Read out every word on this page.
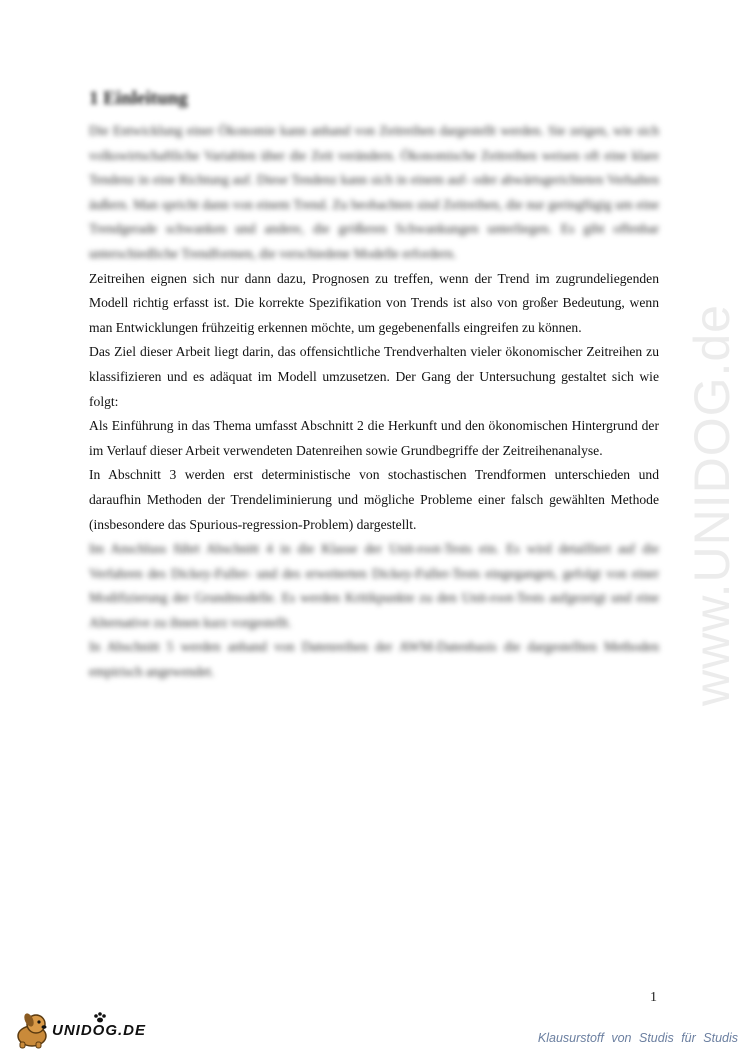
1 Einleitung

Die Entwicklung einer Ökonomie kann anhand von Zeitreihen dargestellt werden. Sie zeigen, wie sich volkswirtschaftliche Variablen über die Zeit verändern. Ökonomische Zeitreihen weisen oft eine klare Tendenz in eine Richtung auf. Diese Tendenz kann sich in einem auf- oder abwärtsgerichteten Verhalten äußern. Man spricht dann von einem Trend. Zu beobachten sind Zeitreihen, die nur geringfügig um eine Trendgerade schwanken und andere, die größeren Schwankungen unterliegen. Es gibt offenbar unterschiedliche Trendformen, die verschiedene Modelle erfordern.

Zeitreihen eignen sich nur dann dazu, Prognosen zu treffen, wenn der Trend im zugrundeliegenden Modell richtig erfasst ist. Die korrekte Spezifikation von Trends ist also von großer Bedeutung, wenn man Entwicklungen frühzeitig erkennen möchte, um gegebenenfalls eingreifen zu können.

Das Ziel dieser Arbeit liegt darin, das offensichtliche Trendverhalten vieler ökonomischer Zeitreihen zu klassifizieren und es adäquat im Modell umzusetzen. Der Gang der Untersuchung gestaltet sich wie folgt:

Als Einführung in das Thema umfasst Abschnitt 2 die Herkunft und den ökonomischen Hintergrund der im Verlauf dieser Arbeit verwendeten Datenreihen sowie Grundbegriffe der Zeitreihenanalyse.

In Abschnitt 3 werden erst deterministische von stochastischen Trendformen unterschieden und daraufhin Methoden der Trendeliminierung und mögliche Probleme einer falsch gewählten Methode (insbesondere das Spurious-regression-Problem) dargestellt.

Im Anschluss führt Abschnitt 4 in die Klasse der Unit-root-Tests ein. Es wird detailliert auf die Verfahren des Dickey-Fuller- und des erweiterten Dickey-Fuller-Tests eingegangen, gefolgt von einer Modifizierung der Grundmodelle. Es werden Kritikpunkte zu den Unit-root-Tests aufgezeigt und eine Alternative zu ihnen kurz vorgestellt.

In Abschnitt 5 werden anhand von Datenreihen der AWM-Datenbasis die dargestellten Methoden empirisch angewendet.	www.UNIDOG.de
1
UNIDOG.DE	Klausurstoff von Studis für Studis
